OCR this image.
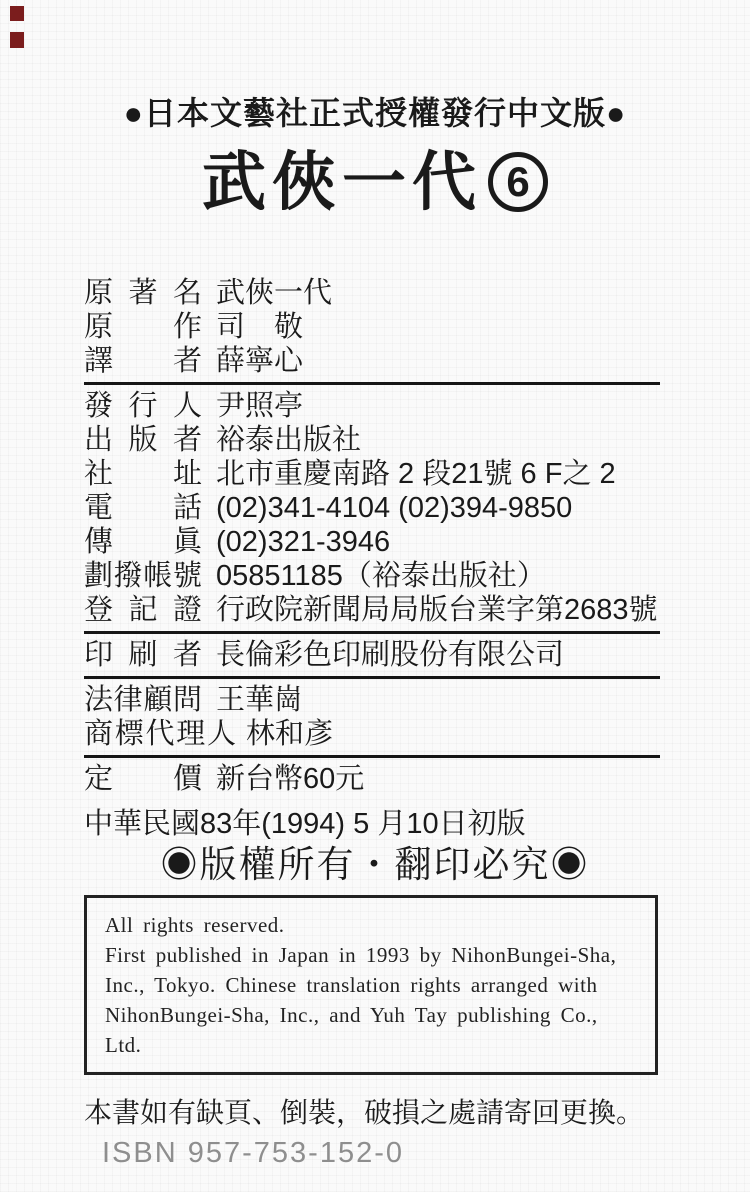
●日本文藝社正式授權發行中文版●
武俠一代 6
原著名 武俠一代
原作 司　敬
譯者 薛寧心
發行人 尹照亭
出版者 裕泰出版社
社址 北市重慶南路 2 段21號 6 F之 2
電話 (02)341-4104 (02)394-9850
傳眞 (02)321-3946
劃撥帳號 05851185（裕泰出版社）
登記證 行政院新聞局局版台業字第2683號
印刷者 長倫彩色印刷股份有限公司
法律顧問 王華崗
商標代理人 林和彥
定價 新台幣60元
中華民國83年(1994) 5 月10日初版
◉版權所有・翻印必究◉
All rights reserved.
First published in Japan in 1993 by NihonBungei-Sha,
Inc., Tokyo. Chinese translation rights arranged with
NihonBungei-Sha, Inc., and Yuh Tay publishing Co.,
Ltd.
本書如有缺頁、倒裝，破損之處請寄回更換。
ISBN 957-753-152-0
